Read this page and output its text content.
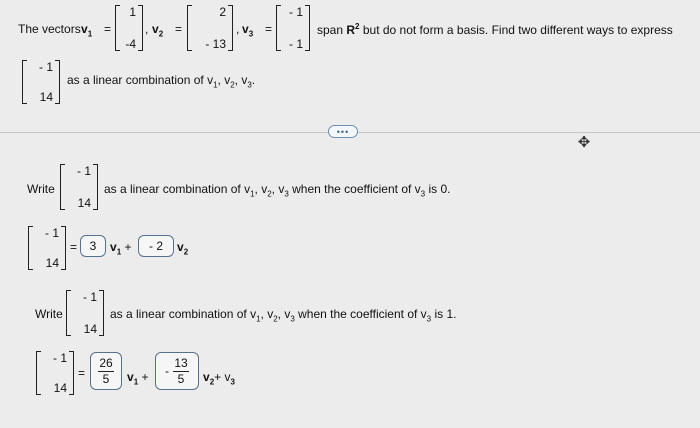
The vectors $v_1$ =
1
-4
, $v_2$ =
2
- 13
, $v_3$ =
- 1
- 1
span $R^2$ but do not form a basis. Find two different ways to express
- 1
14
as a linear combination of $v_1$, $v_2$, $v_3$.
•••
✥
Write
- 1
14
as a linear combination of $v_1$, $v_2$, $v_3$ when the coefficient of $v_3$ is 0.
- 1
14
= 3 $v_1$ + - 2 $v_2$
Write
- 1
14
as a linear combination of $v_1$, $v_2$, $v_3$ when the coefficient of $v_3$ is 1.
- 1
14
= $\frac{26}{5} v_1$ + - $\frac{13}{5} v_2+ v_3$
